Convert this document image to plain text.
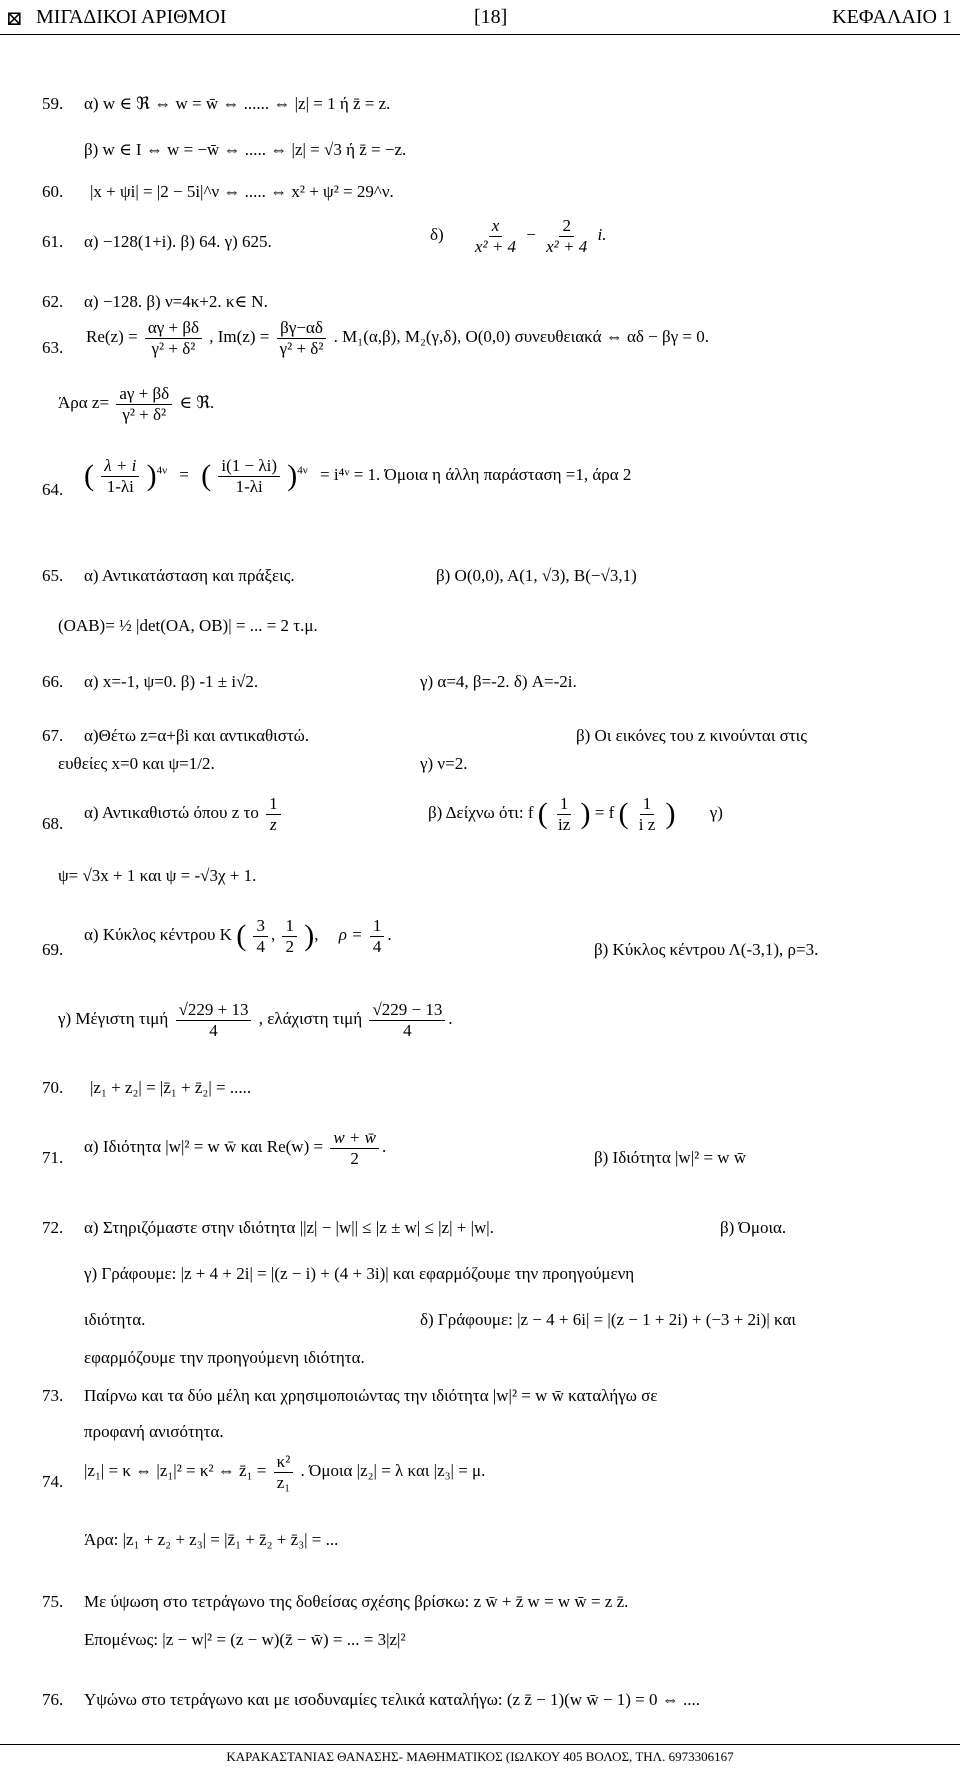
⊠ ΜΙΓΑΔΙΚΟΙ ΑΡΙΘΜΟΙ	[18]	ΚΕΦΑΛΑΙΟ 1
59. α) w ∈ ℜ ⇔ w = w̄ ⇔ ...... ⇔ |z| = 1 ή z̄ = z.
β) w ∈ I ⇔ w = −w̄ ⇔ ..... ⇔ |z| = √3 ή z̄ = −z.
60. |x + ψi| = |2 − 5i|^ν ⇔ ..... ⇔ x² + ψ² = 29^ν.
61. α) −128(1+i). β) 64. γ) 625.	$\delta) \frac{x}{\text{x² + 4}} - \frac{2}{\text{x² + 4}} i$.
62. α) −128. β) ν=4κ+2. κ∈ N.
63.
$Re(z) = \frac{\alpha\gamma + \beta\delta}{\text{γ² + δ²}}$ , $Im(z) = \frac{\beta\gamma-\alpha\delta}{\text{γ² + δ²}}$ . M₁(α,β), M₂(γ,δ), O(0,0) συνευθειακά ⇔ αδ − βγ = 0.
Άρα $z= \frac{a\gamma + \beta\delta}{\text{γ² + δ²}}$ ∈ ℜ.
64. ( $\frac{\lambda + i}{1-\lambda i} )^{4\nu}$ = ( $\frac{i(1 - \lambda i)}{1-\lambda i} )^{4\nu}$ = i⁴ᵛ = 1. Όμοια η άλλη παράσταση =1, άρα 2
65. α) Αντικατάσταση και πράξεις.	β) O(0,0), A(1, √3), B(−√3,1)
(OAB)= ½ |det(OA, OB)| = ... = 2 τ.μ.
66. α) x=-1, ψ=0. β) -1 ± i√2.	γ) α=4, β=-2. δ) A=-2i.
67. α)Θέτω z=α+βi και αντικαθιστώ.	β) Οι εικόνες του z κινούνται στις
ευθείες x=0 και ψ=1/2.	γ) ν=2.
68.
α) Αντικαθιστώ όπου z το $\frac{1}{z}$	β) Δείχνω ότι: f ( $\frac{1}{iz}$ ) = f ( $\frac{1}{\text{i z}}$ ) γ)
ψ= √3x + 1 και ψ = -√3χ + 1.
69.
α) Κύκλος κέντρου K ( $\frac{3}{4}$ , $\frac{1}{2}$ ), $\rho = \frac{1}{4}$ .
β) Κύκλος κέντρου Λ(-3,1), ρ=3.
γ) Μέγιστη τιμή $\frac{√229 + 13}{4}$ , ελάχιστη τιμή $\frac{√229 - 13}{4}$ .
70. |z₁ + z₂| = |z̄₁ + z̄₂| = .....
71.
α) Ιδιότητα |w|² = w w̄ και $Re(w) = \frac{w + w̄}{2}$ .
β) Ιδιότητα |w|² = w w̄
72. α) Στηριζόμαστε στην ιδιότητα ||z| − |w|| ≤ |z ± w| ≤ |z| + |w|.	β) Όμοια.
γ) Γράφουμε: |z + 4 + 2i| = |(z − i) + (4 + 3i)| και εφαρμόζουμε την προηγούμενη
ιδιότητα.	δ) Γράφουμε: |z − 4 + 6i| = |(z − 1 + 2i) + (−3 + 2i)| και
εφαρμόζουμε την προηγούμενη ιδιότητα.
73. Παίρνω και τα δύο μέλη και χρησιμοποιώντας την ιδιότητα |w|² = w w̄ καταλήγω σε
προφανή ανισότητα.
74.
|z₁| = κ ⇔ |z₁|² = κ² ⇔ z̄₁ = $\frac{\text{κ²}}{\text{z₁}}$ . Όμοια |z₂| = λ και |z₃| = μ.
Άρα: |z₁ + z₂ + z₃| = |z̄₁ + z̄₂ + z̄₃| = ...
75. Με ύψωση στο τετράγωνο της δοθείσας σχέσης βρίσκω: z w̄ + z̄ w = w w̄ = z z̄.
Επομένως: |z − w|² = (z − w)(z̄ − w̄) = ... = 3|z|²
76. Υψώνω στο τετράγωνο και με ισοδυναμίες τελικά καταλήγω: (z z̄ − 1)(w w̄ − 1) = 0 ⇔ ....
ΚΑΡΑΚΑΣΤΑΝΙΑΣ ΘΑΝΑΣΗΣ- ΜΑΘΗΜΑΤΙΚΟΣ (ΙΩΛΚΟΥ 405 ΒΟΛΟΣ, ΤΗΛ. 6973306167
